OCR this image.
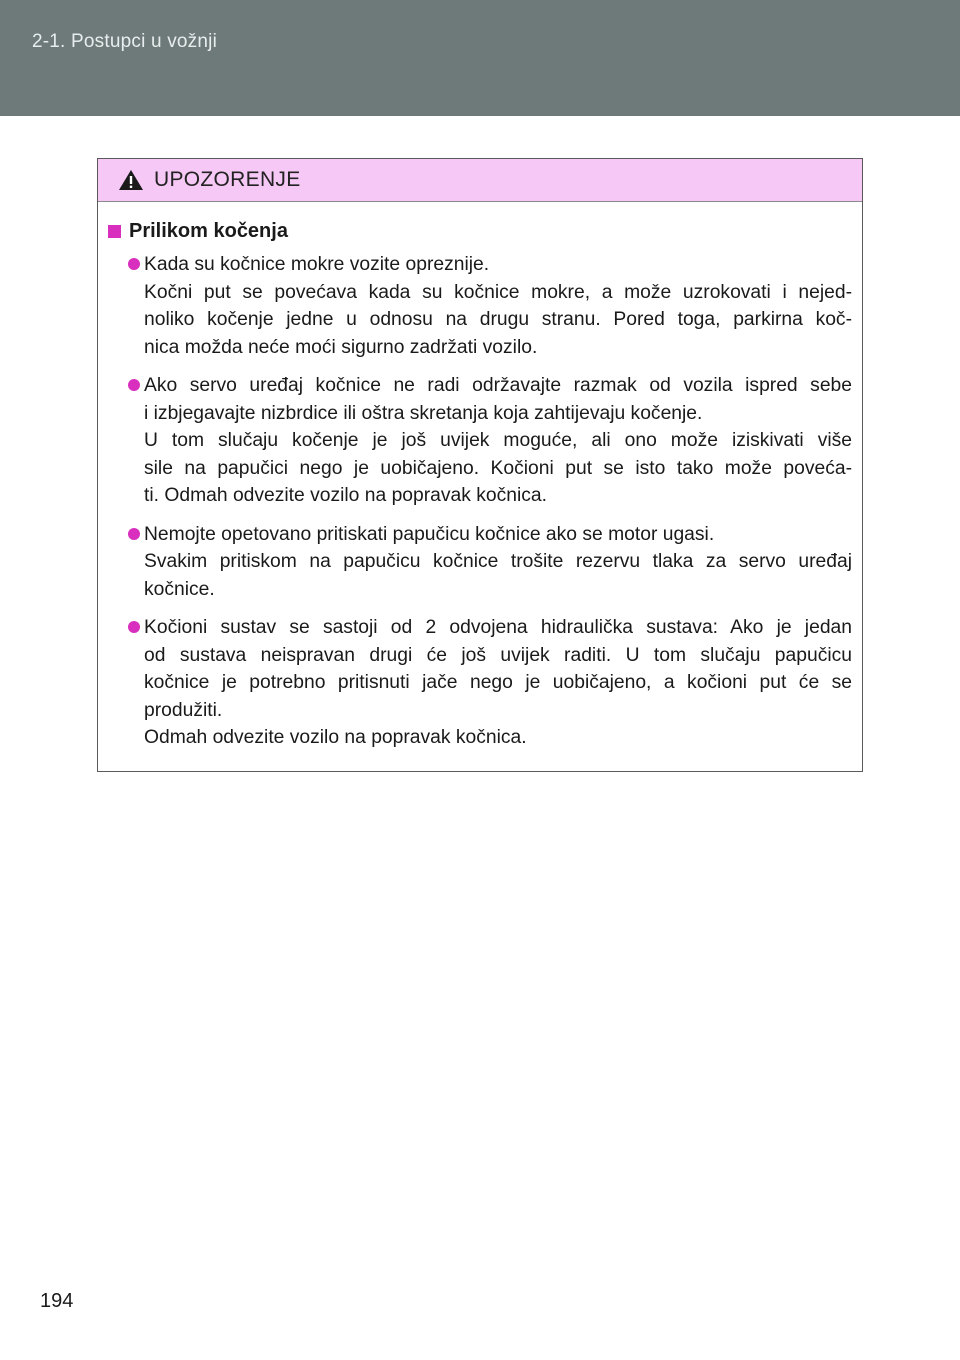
2-1. Postupci u vožnji
UPOZORENJE
Prilikom kočenja
Kada su kočnice mokre vozite opreznije.
Kočni put se povećava kada su kočnice mokre, a može uzrokovati i neјed-
noliko kočenje jedne u odnosu na drugu stranu. Pored toga, parkirna koč-
nica možda neće moći sigurno zadržati vozilo.
Ako servo uređaj kočnice ne radi održavajte razmak od vozila ispred sebe
i izbjegavajte nizbrdice ili oštra skretanja koja zahtijevaju kočenje.
U tom slučaju kočenje je još uvijek moguće, ali ono može iziskivati više
sile na papučici nego je uobičajeno. Kočioni put se isto tako može poveća-
ti. Odmah odvezite vozilo na popravak kočnica.
Nemojte opetovano pritiskati papučicu kočnice ako se motor ugasi.
Svakim pritiskom na papučicu kočnice trošite rezervu tlaka za servo uređaj
kočnice.
Kočioni sustav se sastoji od 2 odvojena hidraulička sustava: Ako je jedan
od sustava neispravan drugi će još uvijek raditi. U tom slučaju papučicu
kočnice je potrebno pritisnuti jače nego je uobičajeno, a kočioni put će se
produžiti.
Odmah odvezite vozilo na popravak kočnica.
194
